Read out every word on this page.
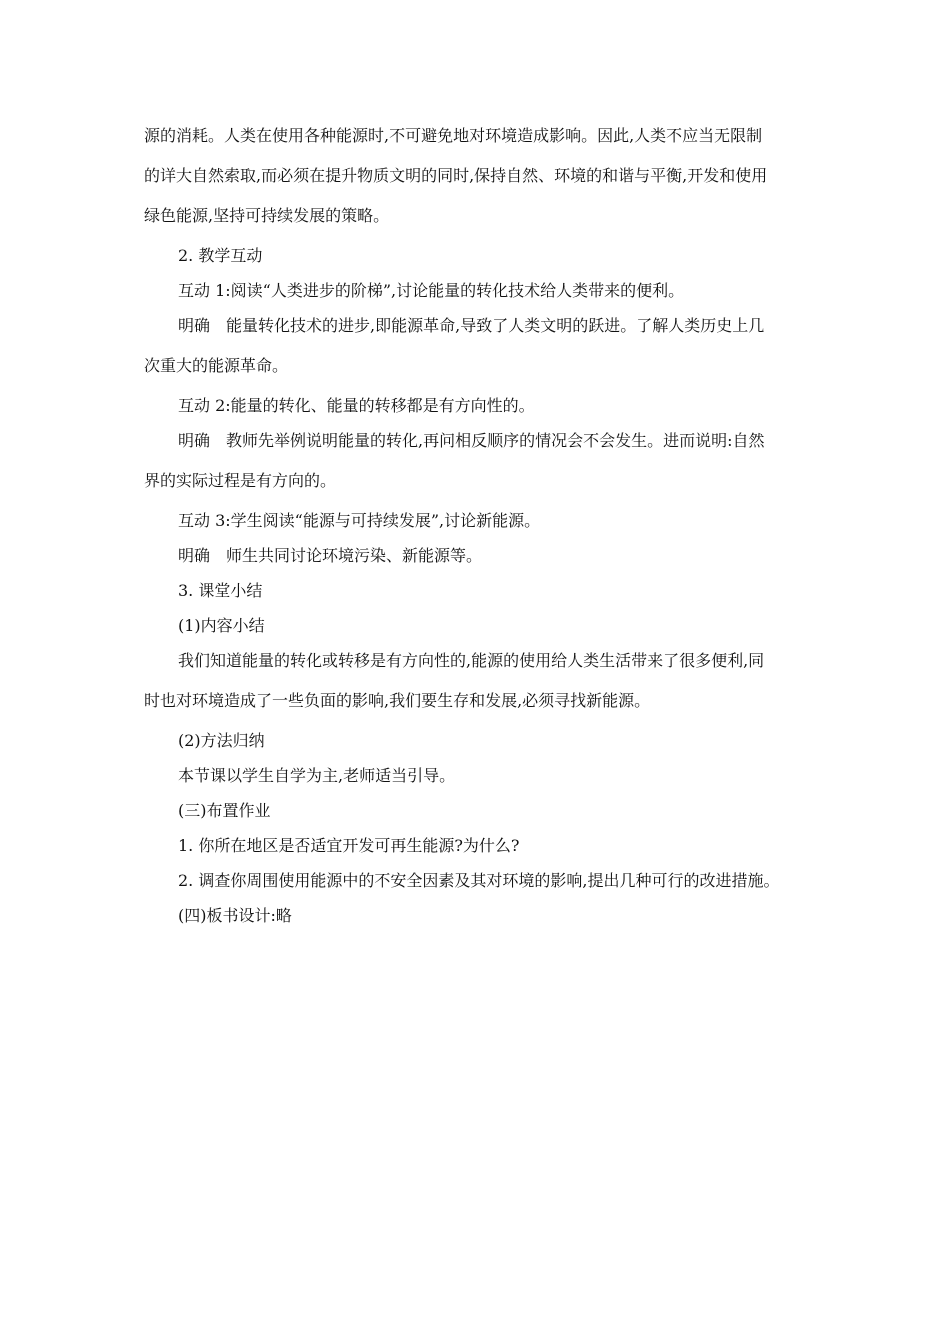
源的消耗。人类在使用各种能源时,不可避免地对环境造成影响。因此,人类不应当无限制
的详大自然索取,而必须在提升物质文明的同时,保持自然、环境的和谐与平衡,开发和使用
绿色能源,坚持可持续发展的策略。
2. 教学互动
互动 1:阅读“人类进步的阶梯”,讨论能量的转化技术给人类带来的便利。
明确 能量转化技术的进步,即能源革命,导致了人类文明的跃进。了解人类历史上几
次重大的能源革命。
互动 2:能量的转化、能量的转移都是有方向性的。
明确 教师先举例说明能量的转化,再问相反顺序的情况会不会发生。进而说明:自然
界的实际过程是有方向的。
互动 3:学生阅读“能源与可持续发展”,讨论新能源。
明确 师生共同讨论环境污染、新能源等。
3. 课堂小结
(1)内容小结
我们知道能量的转化或转移是有方向性的,能源的使用给人类生活带来了很多便利,同
时也对环境造成了一些负面的影响,我们要生存和发展,必须寻找新能源。
(2)方法归纳
本节课以学生自学为主,老师适当引导。
(三)布置作业
1. 你所在地区是否适宜开发可再生能源?为什么?
2. 调查你周围使用能源中的不安全因素及其对环境的影响,提出几种可行的改进措施。
(四)板书设计:略
